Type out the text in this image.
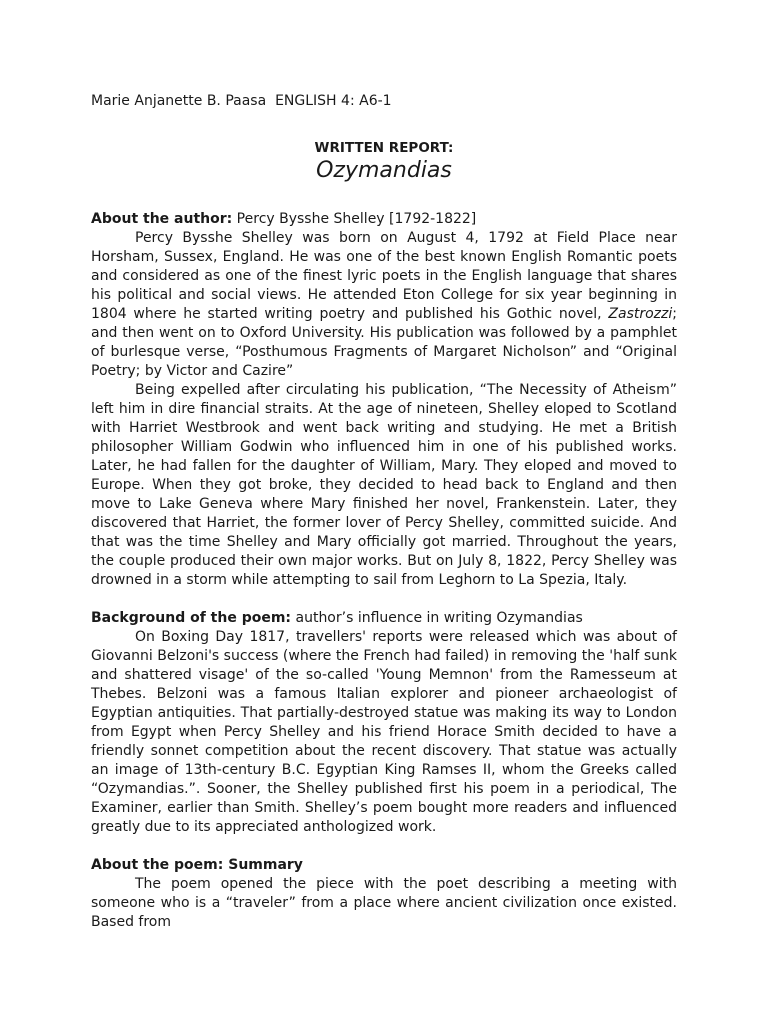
Marie Anjanette B. Paasa ENGLISH 4: A6-1
WRITTEN REPORT:
Ozymandias
About the author: Percy Bysshe Shelley [1792-1822]

Percy Bysshe Shelley was born on August 4, 1792 at Field Place near Horsham, Sussex, England. He was one of the best known English Romantic poets and considered as one of the finest lyric poets in the English language that shares his political and social views. He attended Eton College for six year beginning in 1804 where he started writing poetry and published his Gothic novel, Zastrozzi; and then went on to Oxford University. His publication was followed by a pamphlet of burlesque verse, “Posthumous Fragments of Margaret Nicholson” and “Original Poetry; by Victor and Cazire”

Being expelled after circulating his publication, “The Necessity of Atheism” left him in dire financial straits. At the age of nineteen, Shelley eloped to Scotland with Harriet Westbrook and went back writing and studying. He met a British philosopher William Godwin who influenced him in one of his published works. Later, he had fallen for the daughter of William, Mary. They eloped and moved to Europe. When they got broke, they decided to head back to England and then move to Lake Geneva where Mary finished her novel, Frankenstein. Later, they discovered that Harriet, the former lover of Percy Shelley, committed suicide. And that was the time Shelley and Mary officially got married. Throughout the years, the couple produced their own major works. But on July 8, 1822, Percy Shelley was drowned in a storm while attempting to sail from Leghorn to La Spezia, Italy.

Background of the poem: author’s influence in writing Ozymandias

On Boxing Day 1817, travellers' reports were released which was about of Giovanni Belzoni's success (where the French had failed) in removing the 'half sunk and shattered visage' of the so-called 'Young Memnon' from the Ramesseum at Thebes. Belzoni was a famous Italian explorer and pioneer archaeologist of Egyptian antiquities. That partially-destroyed statue was making its way to London from Egypt when Percy Shelley and his friend Horace Smith decided to have a friendly sonnet competition about the recent discovery. That statue was actually an image of 13th-century B.C. Egyptian King Ramses II, whom the Greeks called “Ozymandias.”. Sooner, the Shelley published first his poem in a periodical, The Examiner, earlier than Smith. Shelley’s poem bought more readers and influenced greatly due to its appreciated anthologized work.

About the poem: Summary

The poem opened the piece with the poet describing a meeting with someone who is a “traveler” from a place where ancient civilization once existed. Based from
